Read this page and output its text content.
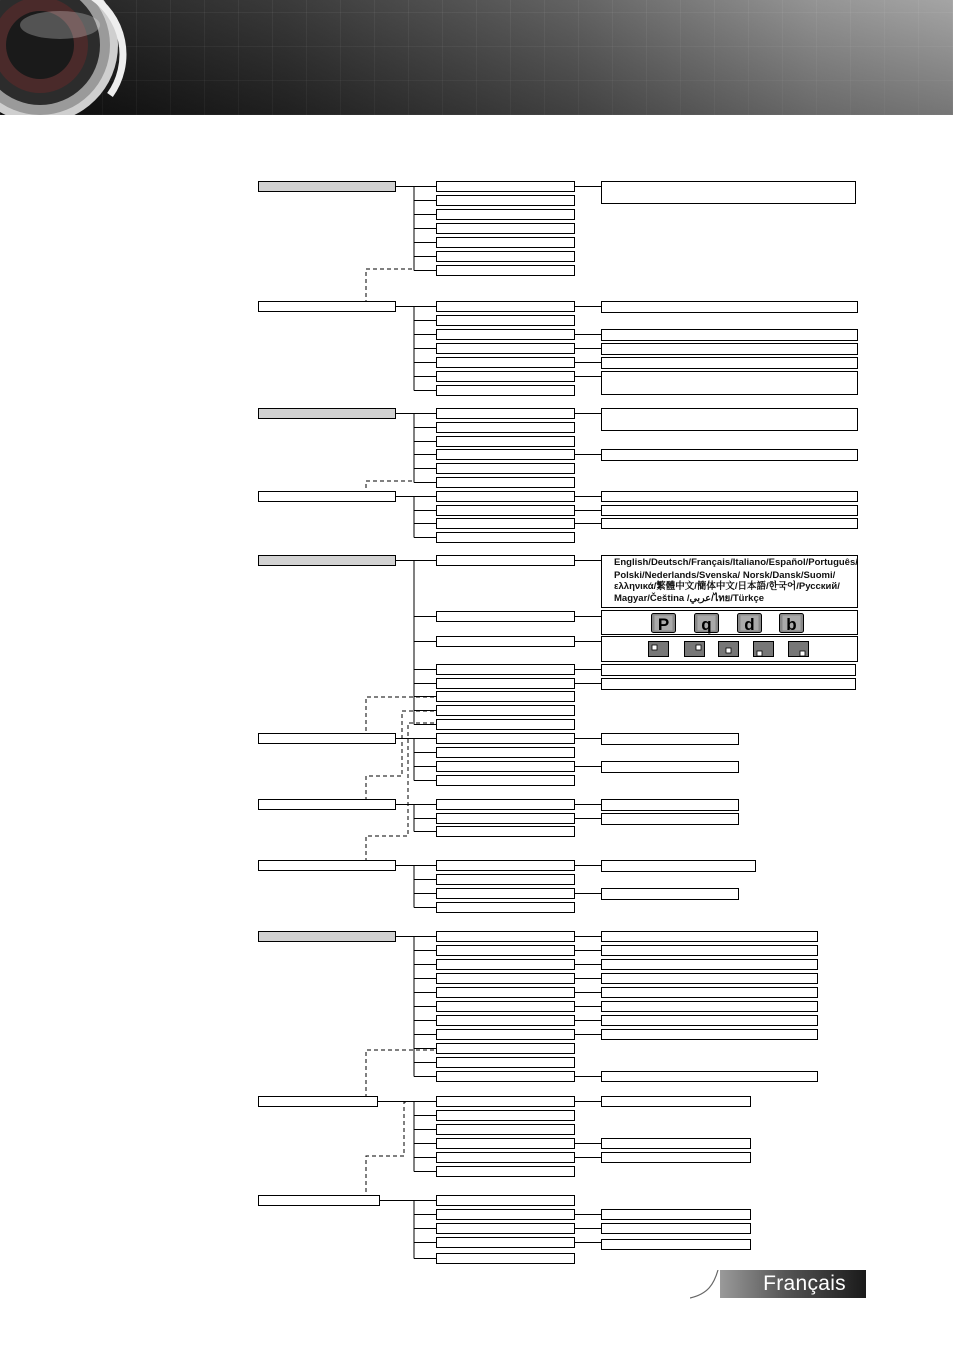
English/Deutsch/Français/Italiano/Español/Português/
Polski/Nederlands/Svenska/ Norsk/Dansk/Suomi/
ελληνικά/繁體中文/簡体中文/日本語/한국어/Русский/
Magyar/Čeština /عربي/ไทย/Türkçe
P q d b
Français
